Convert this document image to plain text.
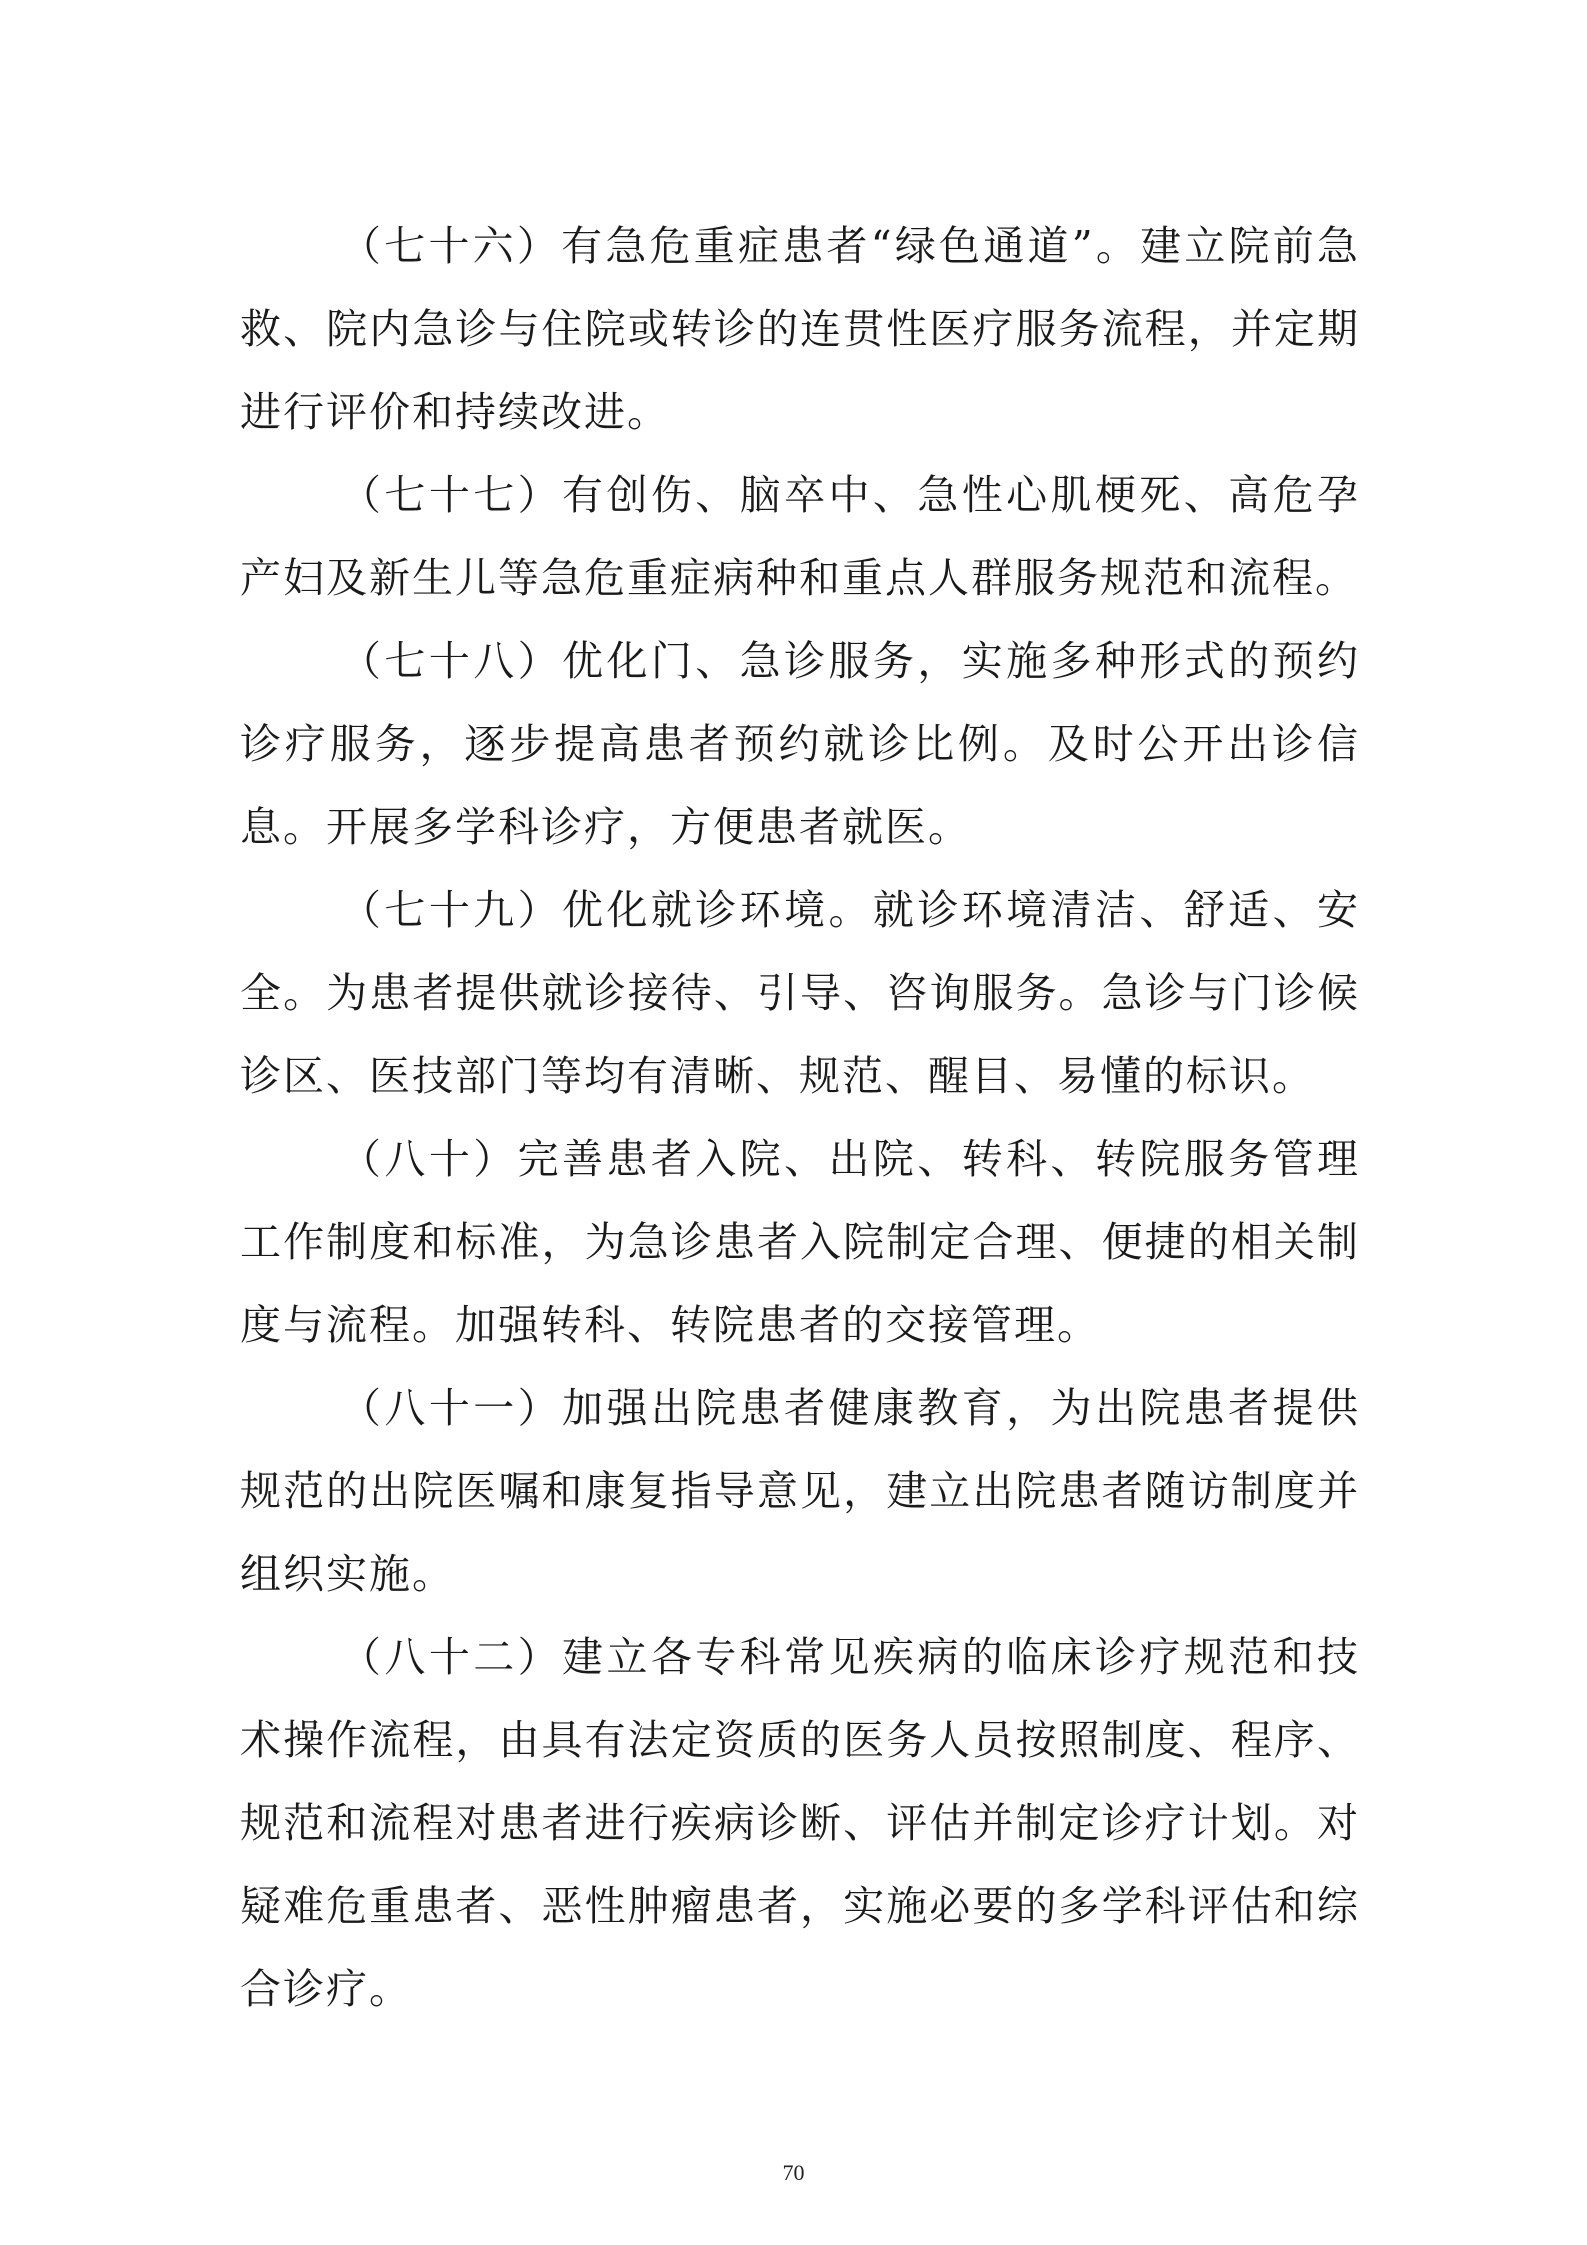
（七十六）有急危重症患者“绿色通道”。建立院前急救、院内急诊与住院或转诊的连贯性医疗服务流程，并定期进行评价和持续改进。

（七十七）有创伤、脑卒中、急性心肌梗死、高危孕产妇及新生儿等急危重症病种和重点人群服务规范和流程。

（七十八）优化门、急诊服务，实施多种形式的预约诊疗服务，逐步提高患者预约就诊比例。及时公开出诊信息。开展多学科诊疗，方便患者就医。

（七十九）优化就诊环境。就诊环境清洁、舒适、安全。为患者提供就诊接待、引导、咨询服务。急诊与门诊候诊区、医技部门等均有清晰、规范、醒目、易懂的标识。

（八十）完善患者入院、出院、转科、转院服务管理工作制度和标准，为急诊患者入院制定合理、便捷的相关制度与流程。加强转科、转院患者的交接管理。

（八十一）加强出院患者健康教育，为出院患者提供规范的出院医嘱和康复指导意见，建立出院患者随访制度并组织实施。

（八十二）建立各专科常见疾病的临床诊疗规范和技术操作流程，由具有法定资质的医务人员按照制度、程序、规范和流程对患者进行疾病诊断、评估并制定诊疗计划。对疑难危重患者、恶性肿瘤患者，实施必要的多学科评估和综合诊疗。

70
